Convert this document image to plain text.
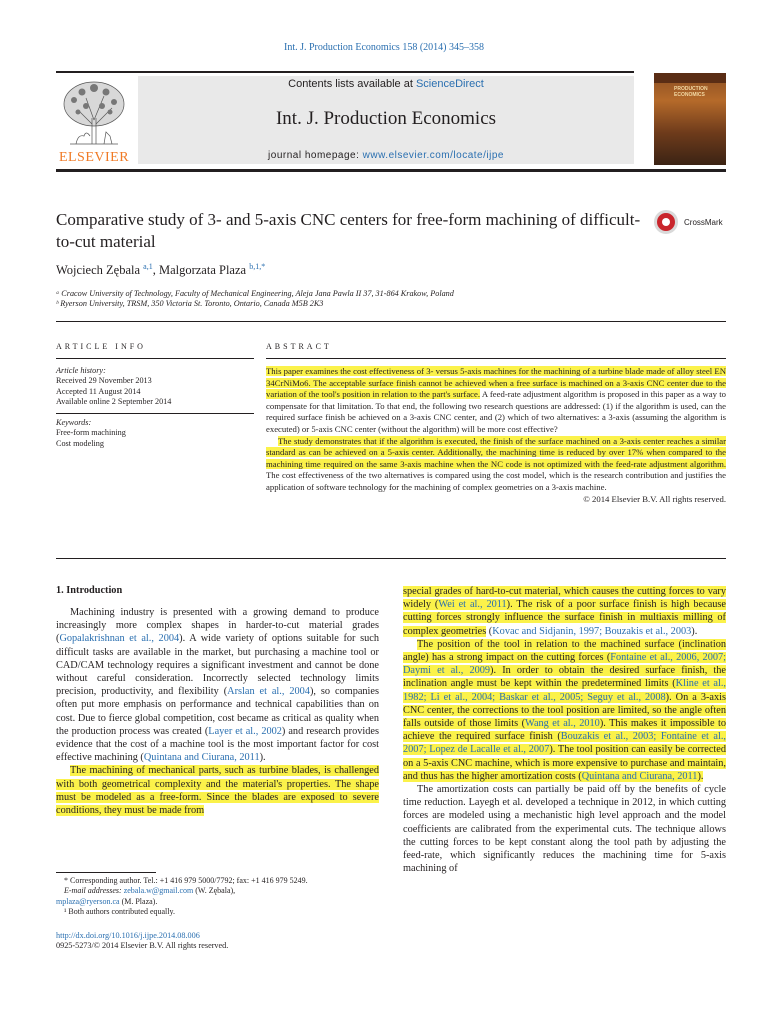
Int. J. Production Economics 158 (2014) 345–358
ELSEVIER
Contents lists available at ScienceDirect
Int. J. Production Economics
journal homepage: www.elsevier.com/locate/ijpe
PRODUCTION ECONOMICS
Comparative study of 3- and 5-axis CNC centers for free-form machining of difficult-to-cut material
CrossMark
Wojciech Zębala $^{a,1}$, Malgorzata Plaza $^{b,1,*}$
ᵃ Cracow University of Technology, Faculty of Mechanical Engineering, Aleja Jana Pawla II 37, 31-864 Krakow, Poland
ᵇ Ryerson University, TRSM, 350 Victoria St. Toronto, Ontario, Canada M5B 2K3
ARTICLE INFO	ABSTRACT
Article history:
Received 29 November 2013
Accepted 11 August 2014
Available online 2 September 2014
Keywords:
Free-form machining
Cost modeling

This paper examines the cost effectiveness of 3- versus 5-axis machines for the machining of a turbine blade made of alloy steel EN 34CrNiMo6. The acceptable surface finish cannot be achieved when a free surface is machined on a 3-axis CNC center due to the variation of the tool's position in relation to the part's surface. A feed-rate adjustment algorithm is proposed in this paper as a way to compensate for that limitation. To that end, the following two research questions are addressed: (1) if the algorithm is used, can the required surface finish be achieved on a 3-axis CNC center, and (2) which of two alternatives: a 3-axis (assuming the algorithm is executed) or 5-axis CNC center (without the algorithm) will be more cost effective?

The study demonstrates that if the algorithm is executed, the finish of the surface machined on a 3-axis center reaches a similar standard as can be achieved on a 5-axis center. Additionally, the machining time is reduced by over 17% when compared to the machining time required on the same 3-axis machine when the NC code is not optimized with the feed-rate adjustment algorithm. The cost effectiveness of the two alternatives is compared using the cost model, which is the research contribution and justifies the application of software technology for the machining of complex geometries on a 3-axis machine.

© 2014 Elsevier B.V. All rights reserved.

1. Introduction

Machining industry is presented with a growing demand to produce increasingly more complex shapes in harder-to-cut material grades (Gopalakrishnan et al., 2004). A wide variety of options suitable for such difficult tasks are available in the market, but purchasing a machine tool or CAD/CAM technology requires a significant investment and cannot be done without careful consideration. Incorrectly selected technology limits precision, productivity, and flexibility (Arslan et al., 2004), so companies often put more emphasis on performance and technical capabilities than on cost. Due to fierce global competition, cost became as critical as quality when the production process was created (Layer et al., 2002) and research provides evidence that the cost of a machine tool is the most important factor for cost effective machining (Quintana and Ciurana, 2011).

The machining of mechanical parts, such as turbine blades, is challenged with both geometrical complexity and the material's properties. The shape must be modeled as a free-form. Since the blades are exposed to severe conditions, they must be made from

special grades of hard-to-cut material, which causes the cutting forces to vary widely (Wei et al., 2011). The risk of a poor surface finish is high because cutting forces strongly influence the surface finish in multiaxis milling of complex geometries (Kovac and Sidjanin, 1997; Bouzakis et al., 2003).

The position of the tool in relation to the machined surface (inclination angle) has a strong impact on the cutting forces (Fontaine et al., 2006, 2007; Daymi et al., 2009). In order to obtain the desired surface finish, the inclination angle must be kept within the predetermined limits (Kline et al., 1982; Li et al., 2004; Baskar et al., 2005; Seguy et al., 2008). On a 3-axis CNC center, the corrections to the tool position are limited, so the angle often falls outside of those limits (Wang et al., 2010). This makes it impossible to achieve the required surface finish (Bouzakis et al., 2003; Fontaine et al., 2007; Lopez de Lacalle et al., 2007). The tool position can easily be corrected on a 5-axis CNC machine, which is more expensive to purchase and maintain, and thus has the higher amortization costs (Quintana and Ciurana, 2011).

The amortization costs can partially be paid off by the benefits of cycle time reduction. Layegh et al. developed a technique in 2012, in which cutting forces are modeled using a mechanistic high level approach and the model coefficients are calibrated from the experimental cuts. The technique allows the cutting forces to be kept constant along the tool path by adjusting the feed-rate, which significantly reduces the machining time for 5-axis machining of

* Corresponding author. Tel.: +1 416 979 5000/7792; fax: +1 416 979 5249.
E-mail addresses: zebala.w@gmail.com (W. Zębala),
mplaza@ryerson.ca (M. Plaza).
¹ Both authors contributed equally.
http://dx.doi.org/10.1016/j.ijpe.2014.08.006
0925-5273/© 2014 Elsevier B.V. All rights reserved.
